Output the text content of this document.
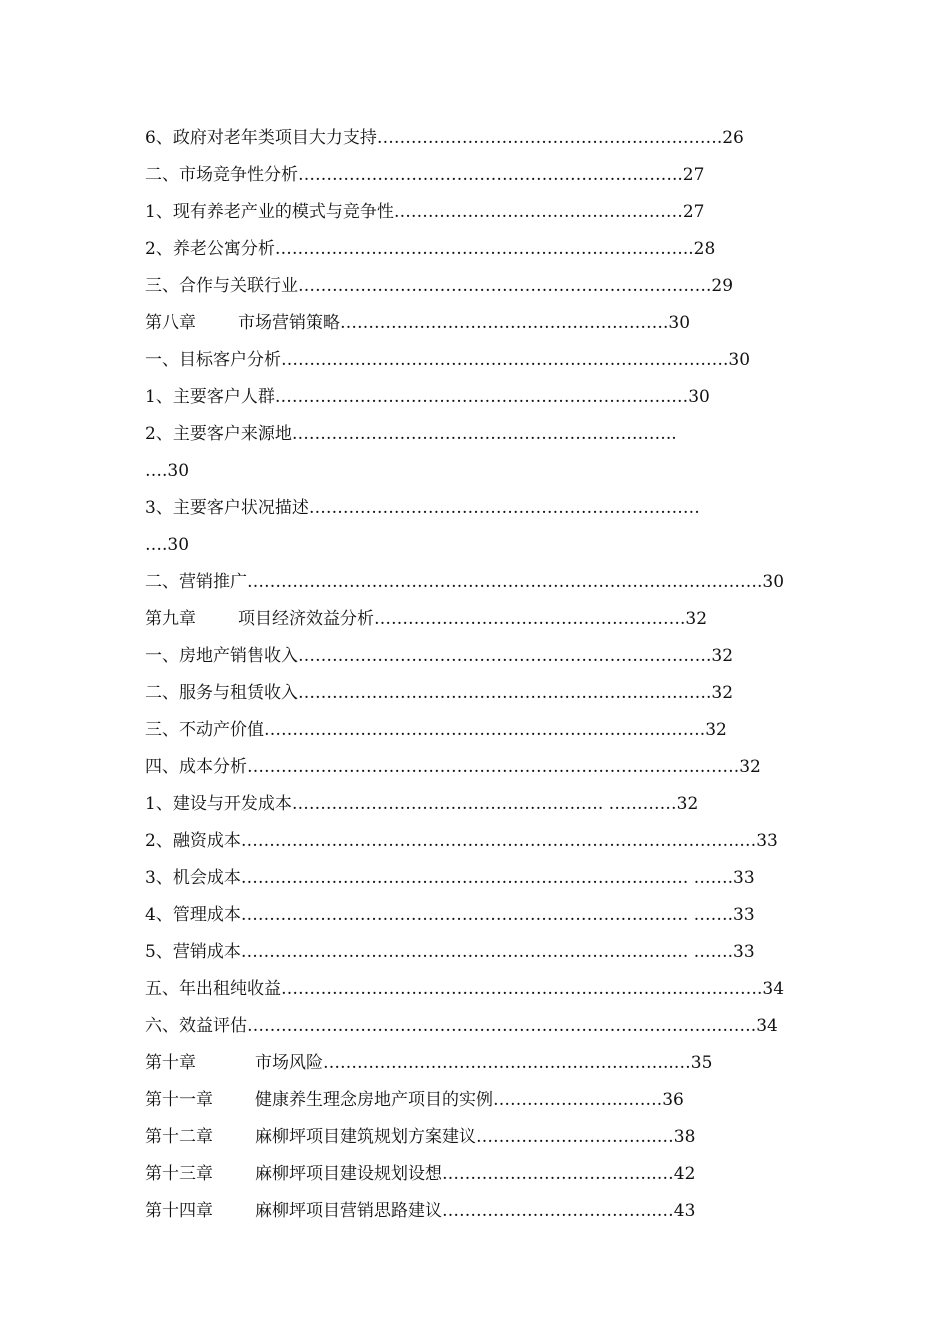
6、政府对老年类项目大力支持…………………………………………………….26
二、市场竞争性分析…………………………………………………………..27
1、现有养老产业的模式与竞争性……………………………………………27
2、养老公寓分析………………………………………………………………..28
三、合作与关联行业……………………………………………………………….29
第八章 市场营销策略………………………………………………….30
一、目标客户分析…………………………………………………………………….30
1、主要客户人群…………………………………………………………….…30
2、主要客户来源地…………………………………………………………..
….30
3、主要客户状况描述……………………………………………………………
….30
二、营销推广……………………………………………………………………………….30
第九章 项目经济效益分析……………………………………………….32
一、房地产销售收入……………………………………………………………….32
二、服务与租赁收入……………………………………………………………….32
三、不动产价值……………………………………………………………..…….32
四、成本分析……………………………………………………………………..…….32
1、建设与开发成本………………………………………………. …………32
2、融资成本…………………………………………………………………………….…33
3、机会成本……………………………………………………………………. …….33
4、管理成本……………………………………………………………………. …….33
5、营销成本……………………………………………………………………. …….33
五、年出租纯收益………………………………………………………………………….34
六、效益评估………………………………………………………………………..…….34
第十章	市场风险……………………………………………………..…35
第十一章 健康养生理念房地产项目的实例…………………..…….36
第十二章 麻柳坪项目建筑规划方案建议…………………………..…38
第十三章 麻柳坪项目建设规划设想………………………………..…42
第十四章 麻柳坪项目营销思路建议………………………………..…43
